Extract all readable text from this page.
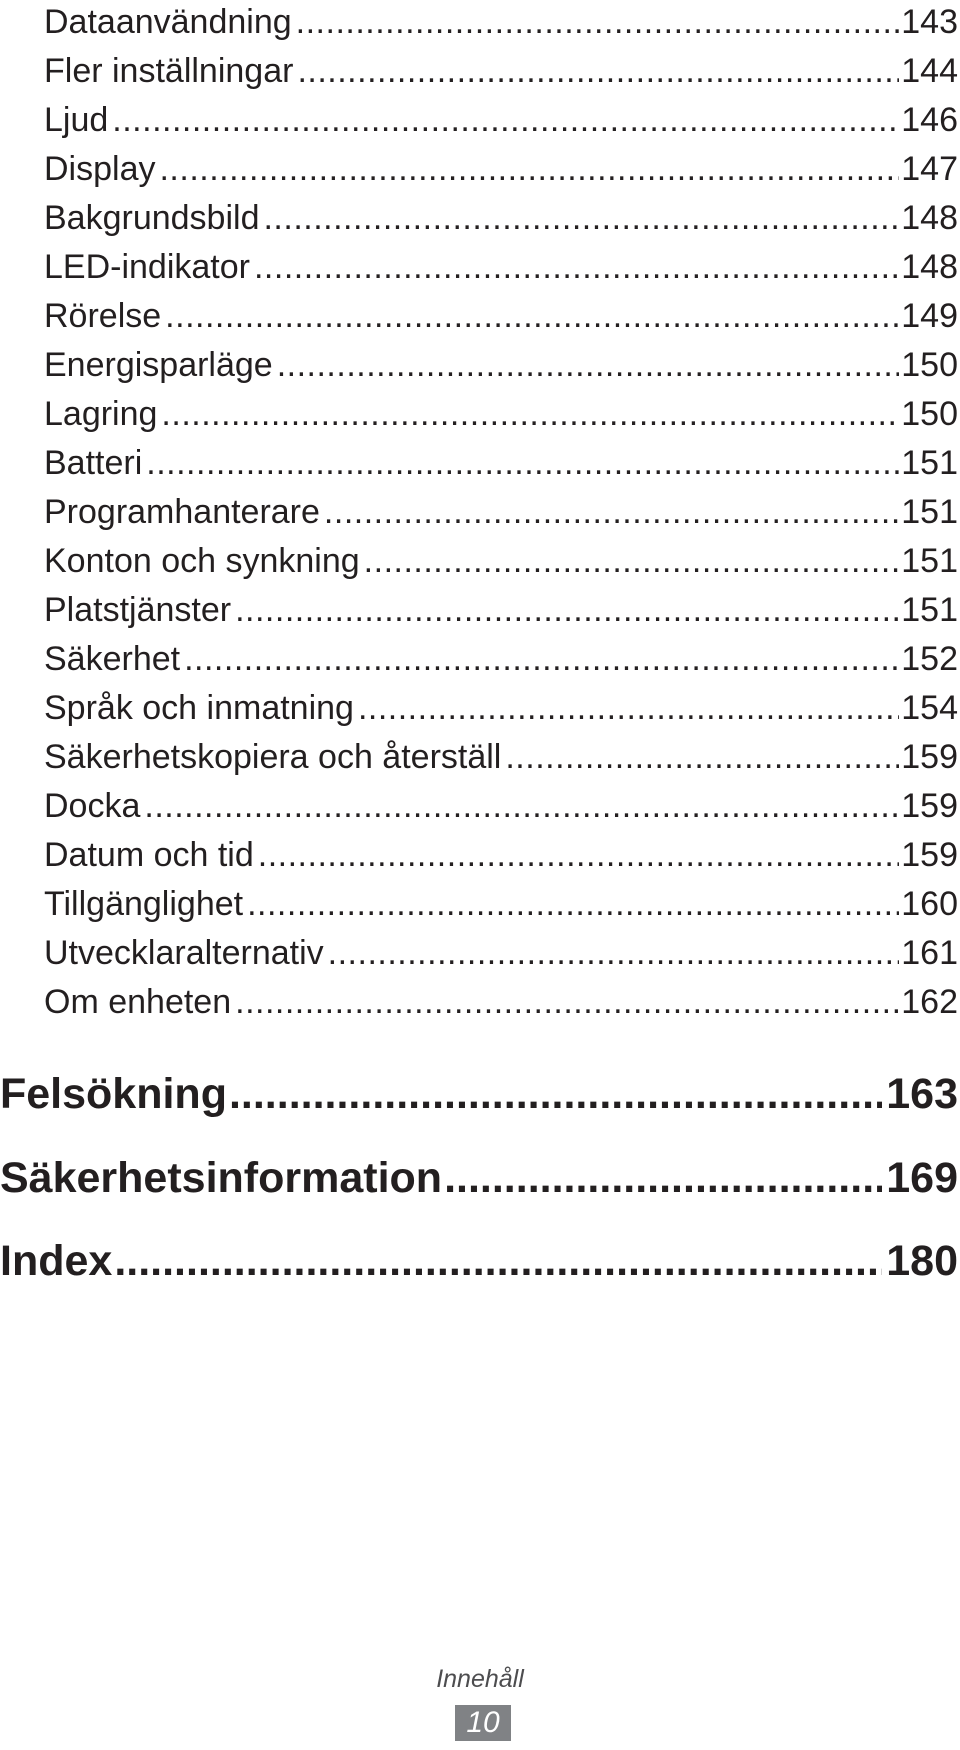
Dataanvändning .....	143
Fler inställningar .....	144
Ljud .....	146
Display .....	147
Bakgrundsbild .....	148
LED-indikator .....	148
Rörelse .....	149
Energisparläge .....	150
Lagring .....	150
Batteri .....	151
Programhanterare .....	151
Konton och synkning .....	151
Platstjänster .....	151
Säkerhet .....	152
Språk och inmatning .....	154
Säkerhetskopiera och återställ .....	159
Docka .....	159
Datum och tid .....	159
Tillgänglighet .....	160
Utvecklaralternativ .....	161
Om enheten .....	162
Felsökning .....	163
Säkerhetsinformation .....	169
Index .....	180
Innehåll
10
